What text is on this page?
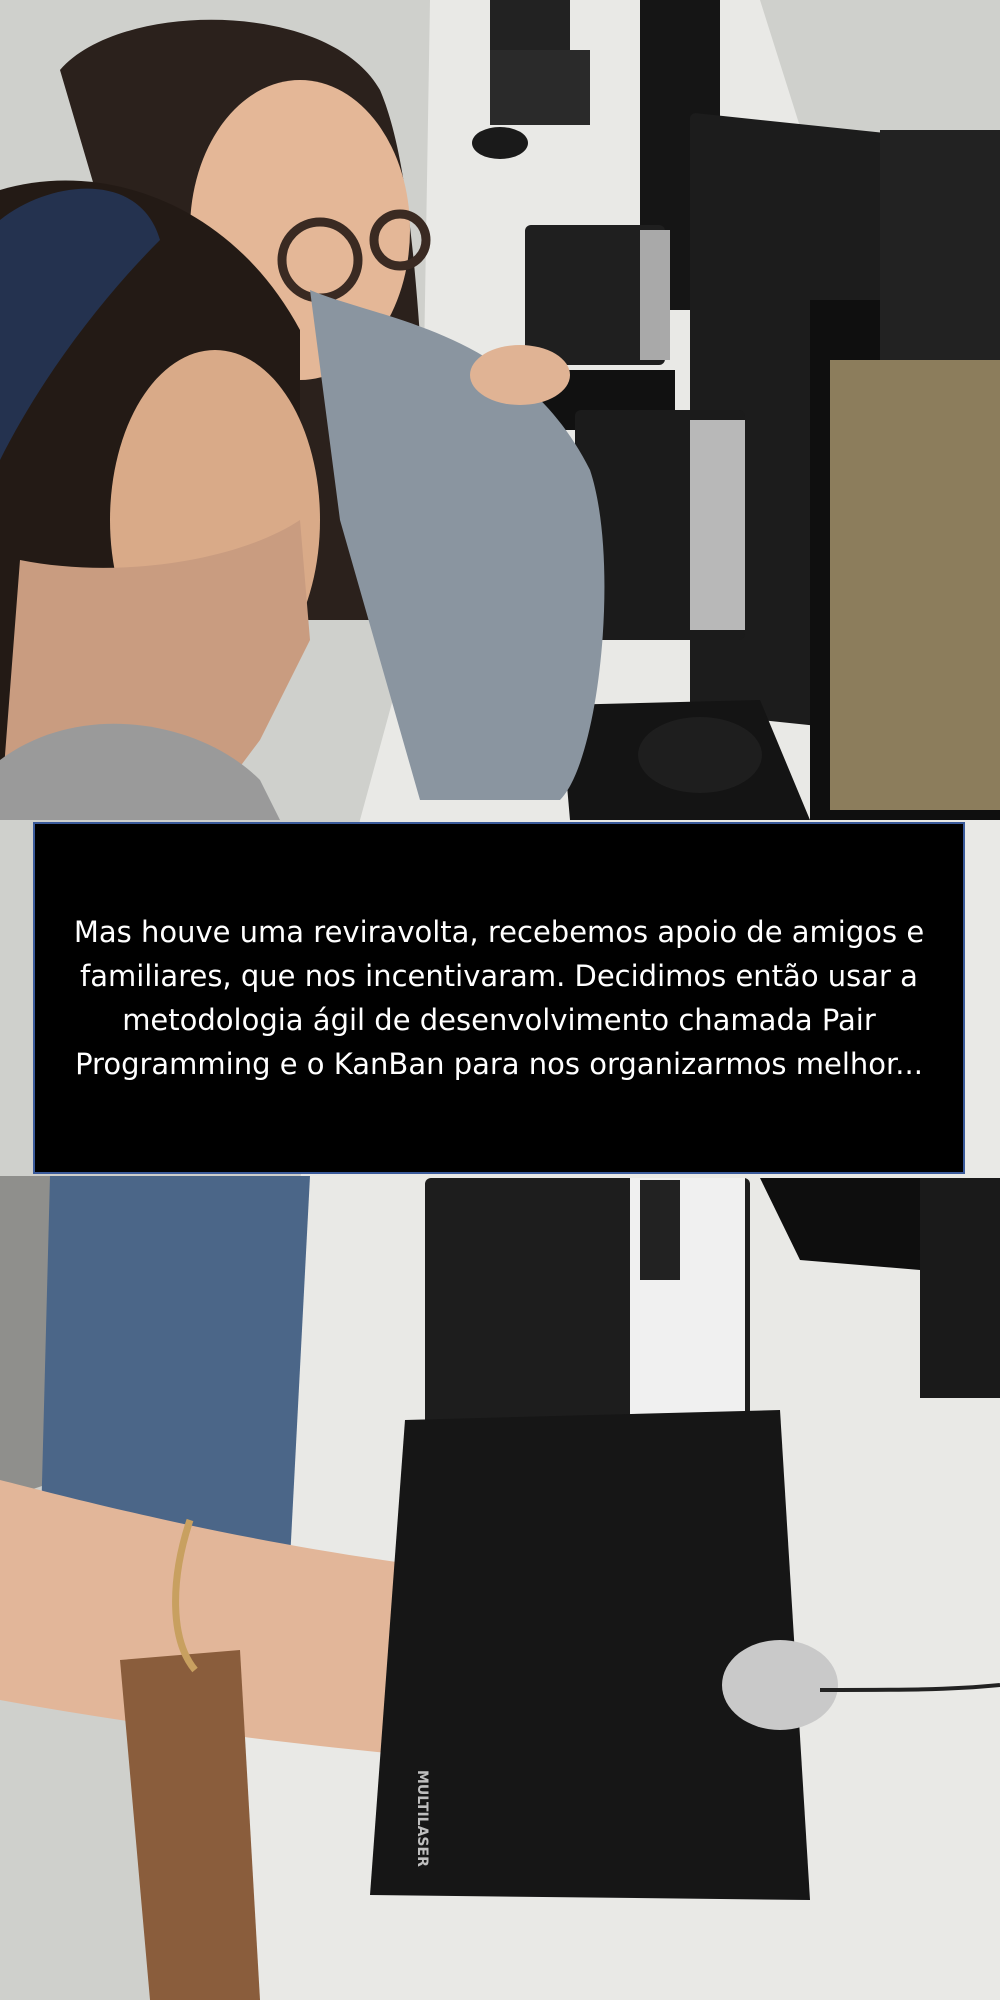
MULTILASER
Mas houve uma reviravolta, recebemos apoio de amigos e familiares, que nos incentivaram. Decidimos então usar a metodologia ágil de desenvolvimento chamada Pair Programming e o KanBan para nos organizarmos melhor...
